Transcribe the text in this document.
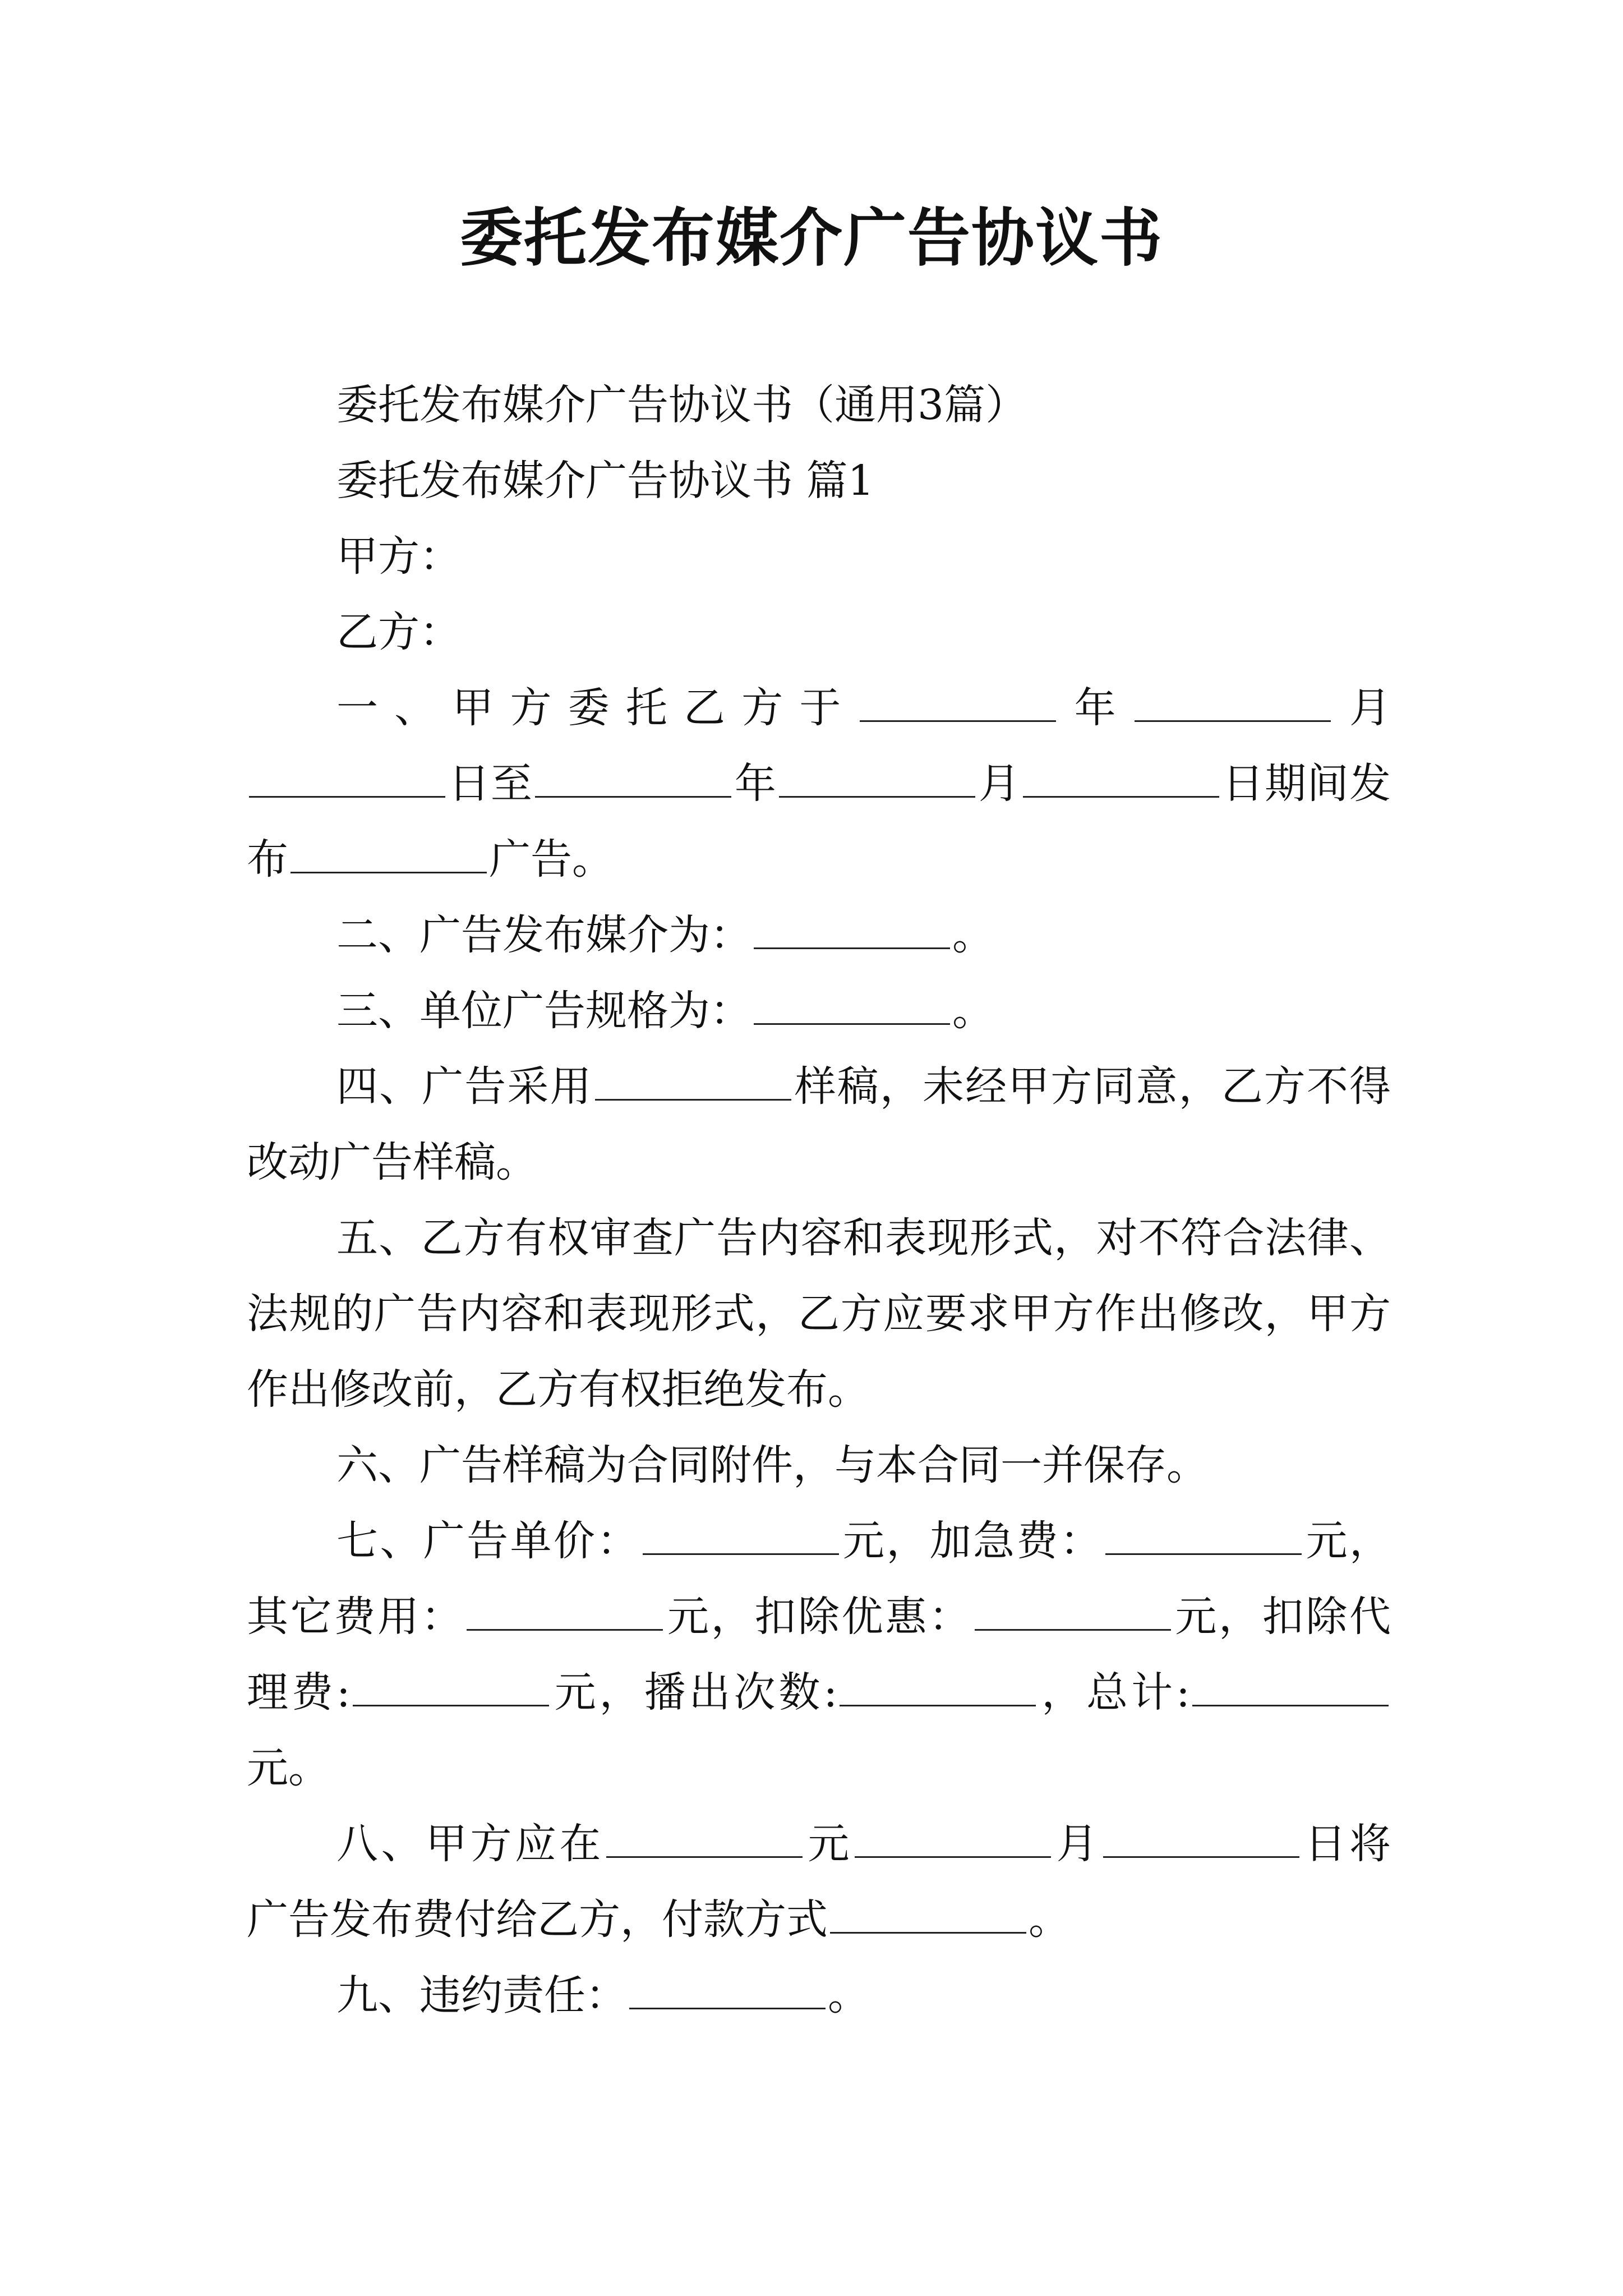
委托发布媒介广告协议书

委托发布媒介广告协议书（通用3篇）

委托发布媒介广告协议书 篇1

甲方：

乙方：

一、甲方委托乙方于	年	月日至	年	月	日期间发布	广告。

二、广告发布媒介为：	。

三、单位广告规格为：	。

四、广告采用	样稿，未经甲方同意，乙方不得改动广告样稿。

五、乙方有权审查广告内容和表现形式，对不符合法律、法规的广告内容和表现形式，乙方应要求甲方作出修改，甲方作出修改前，乙方有权拒绝发布。

六、广告样稿为合同附件，与本合同一并保存。

七、广告单价：	元，加急费：	元，其它费用：	元，扣除优惠：	元，扣除代理费:	元，播出次数:	，总计:元。

八、甲方应在	元	月	日将广告发布费付给乙方，付款方式	。

九、违约责任：	。
